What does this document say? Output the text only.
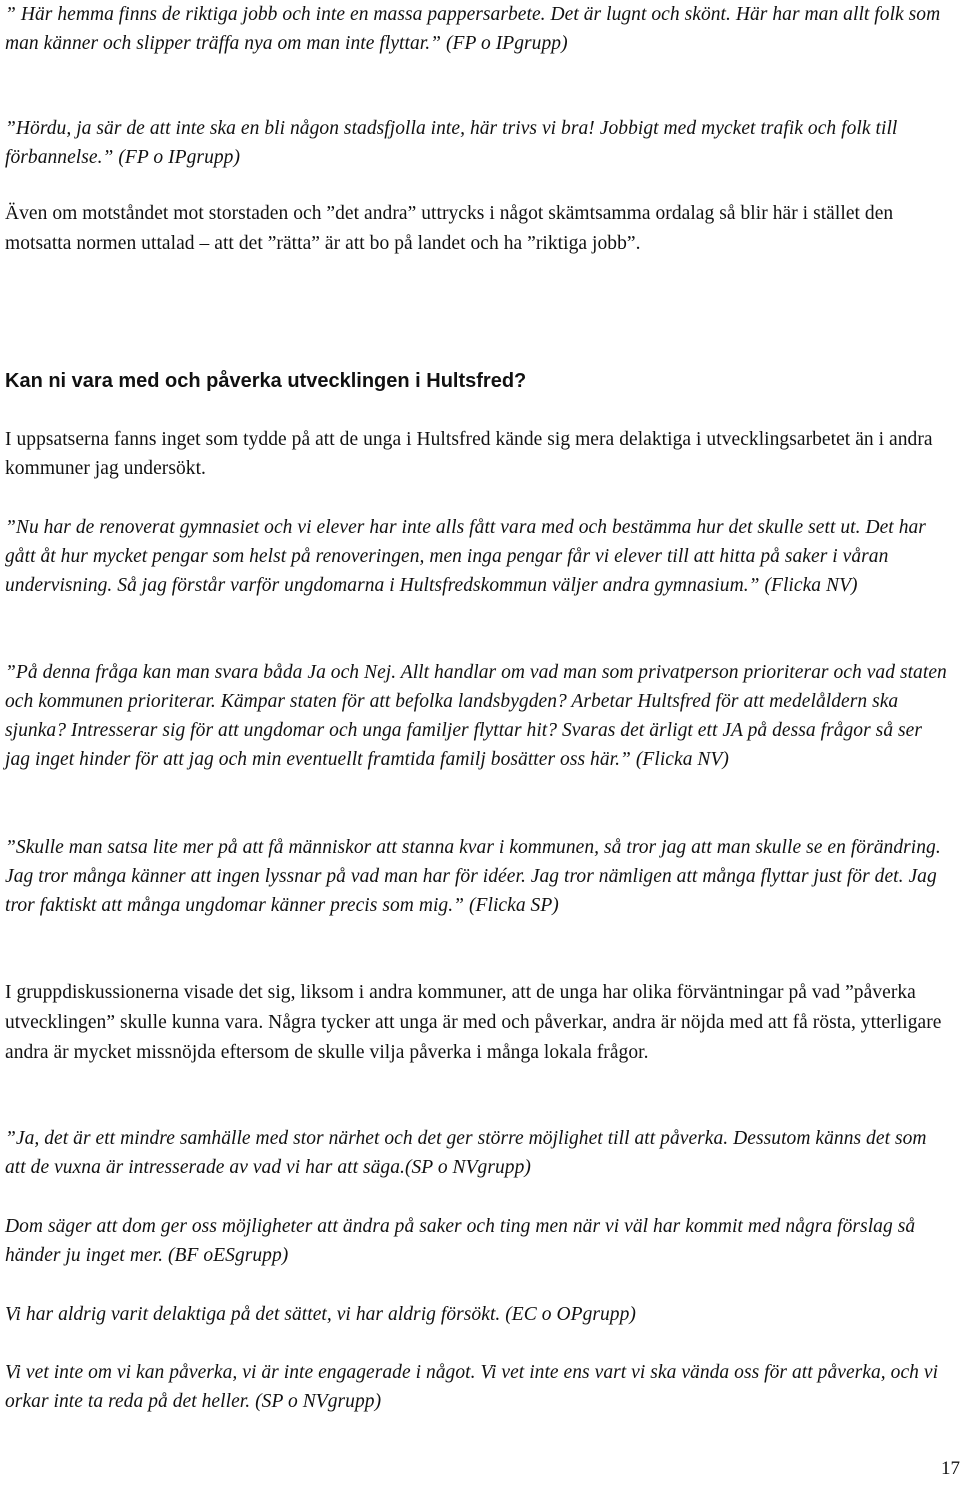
” Här hemma finns de riktiga jobb och inte en massa pappersarbete. Det är lugnt och skönt. Här har man allt folk som man känner och slipper träffa nya om man inte flyttar.” (FP o IPgrupp)

”Hördu, ja sär de att inte ska en bli någon stadsfjolla inte, här trivs vi bra! Jobbigt med mycket trafik och folk till förbannelse.” (FP o IPgrupp)

Även om motståndet mot storstaden och ”det andra” uttrycks i något skämtsamma ordalag så blir här i stället den motsatta normen uttalad – att det ”rätta” är att bo på landet och ha ”riktiga jobb”.

Kan ni vara med och påverka utvecklingen i Hultsfred?

I uppsatserna fanns inget som tydde på att de unga i Hultsfred kände sig mera delaktiga i utvecklingsarbetet än i andra kommuner jag undersökt.

”Nu har de renoverat gymnasiet och vi elever har inte alls fått vara med och bestämma hur det skulle sett ut. Det har gått åt hur mycket pengar som helst på renoveringen, men inga pengar får vi elever till att hitta på saker i våran undervisning. Så jag förstår varför ungdomarna i Hultsfredskommun väljer andra gymnasium.” (Flicka NV)

”På denna fråga kan man svara båda Ja och Nej. Allt handlar om vad man som privatperson prioriterar och vad staten och kommunen prioriterar. Kämpar staten för att befolka landsbygden? Arbetar Hultsfred för att medelåldern ska sjunka? Intresserar sig för att ungdomar och unga familjer flyttar hit? Svaras det ärligt ett JA på dessa frågor så ser jag inget hinder för att jag och min eventuellt framtida familj bosätter oss här.” (Flicka NV)

”Skulle man satsa lite mer på att få människor att stanna kvar i kommunen, så tror jag att man skulle se en förändring. Jag tror många känner att ingen lyssnar på vad man har för idéer. Jag tror nämligen att många flyttar just för det. Jag tror faktiskt att många ungdomar känner precis som mig.” (Flicka SP)

I gruppdiskussionerna visade det sig, liksom i andra kommuner, att de unga har olika förväntningar på vad ”påverka utvecklingen” skulle kunna vara. Några tycker att unga är med och påverkar, andra är nöjda med att få rösta, ytterligare andra är mycket missnöjda eftersom de skulle vilja påverka i många lokala frågor.

”Ja, det är ett mindre samhälle med stor närhet och det ger större möjlighet till att påverka. Dessutom känns det som att de vuxna är intresserade av vad vi har att säga.(SP o NVgrupp)

Dom säger att dom ger oss möjligheter att ändra på saker och ting men när vi väl har kommit med några förslag så händer ju inget mer. (BF oESgrupp)

Vi har aldrig varit delaktiga på det sättet, vi har aldrig försökt. (EC o OPgrupp)

Vi vet inte om vi kan påverka, vi är inte engagerade i något. Vi vet inte ens vart vi ska vända oss för att påverka, och vi orkar inte ta reda på det heller. (SP o NVgrupp)

17
